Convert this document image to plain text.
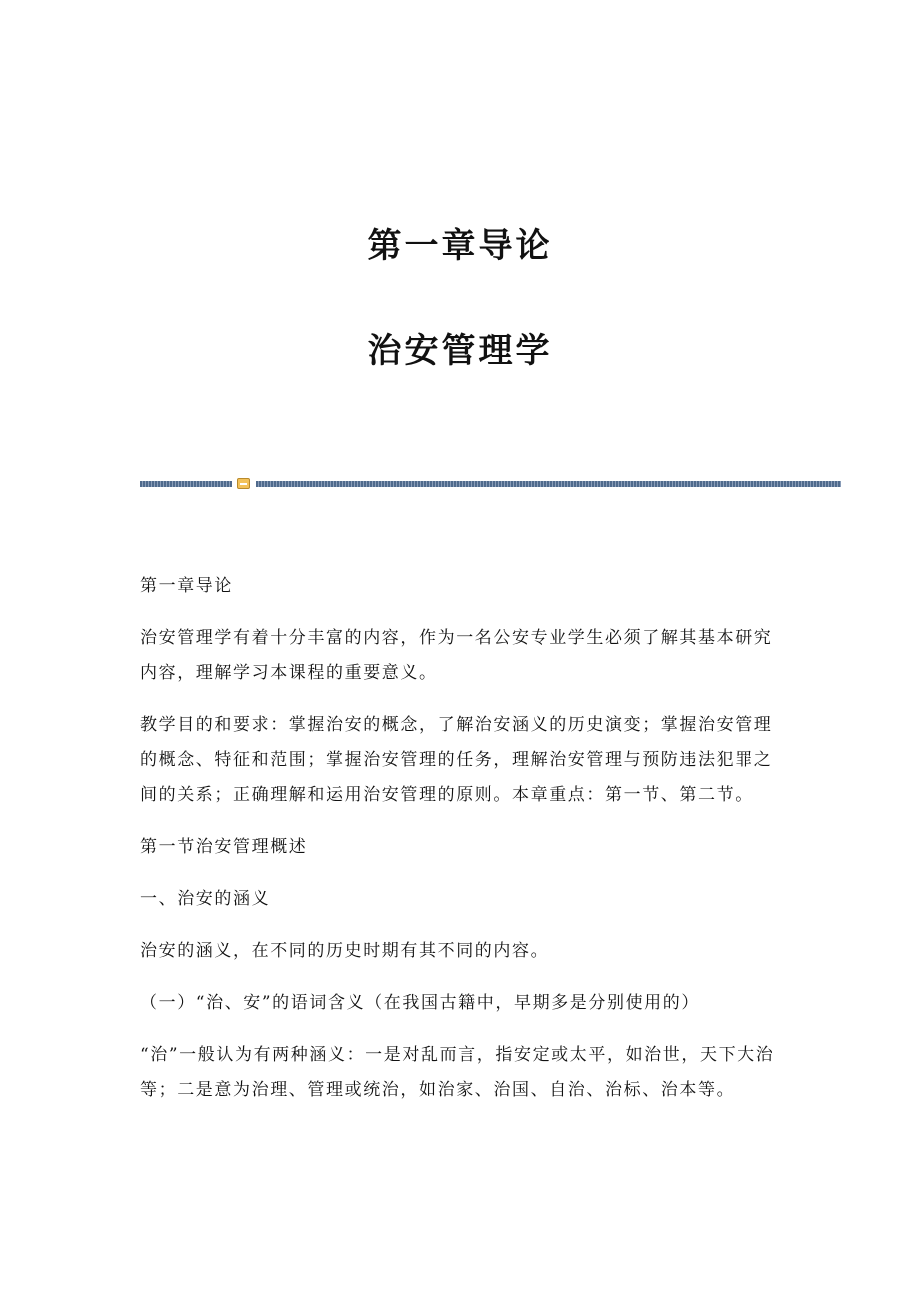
第一章导论
治安管理学

第一章导论

治安管理学有着十分丰富的内容，作为一名公安专业学生必须了解其基本研究内容，理解学习本课程的重要意义。

教学目的和要求：掌握治安的概念，了解治安涵义的历史演变；掌握治安管理的概念、特征和范围；掌握治安管理的任务，理解治安管理与预防违法犯罪之间的关系；正确理解和运用治安管理的原则。本章重点：第一节、第二节。

第一节治安管理概述

一、治安的涵义

治安的涵义，在不同的历史时期有其不同的内容。

（一）“治、安”的语词含义（在我国古籍中，早期多是分别使用的）

“治”一般认为有两种涵义：一是对乱而言，指安定或太平，如治世，天下大治等；二是意为治理、管理或统治，如治家、治国、自治、治标、治本等。
